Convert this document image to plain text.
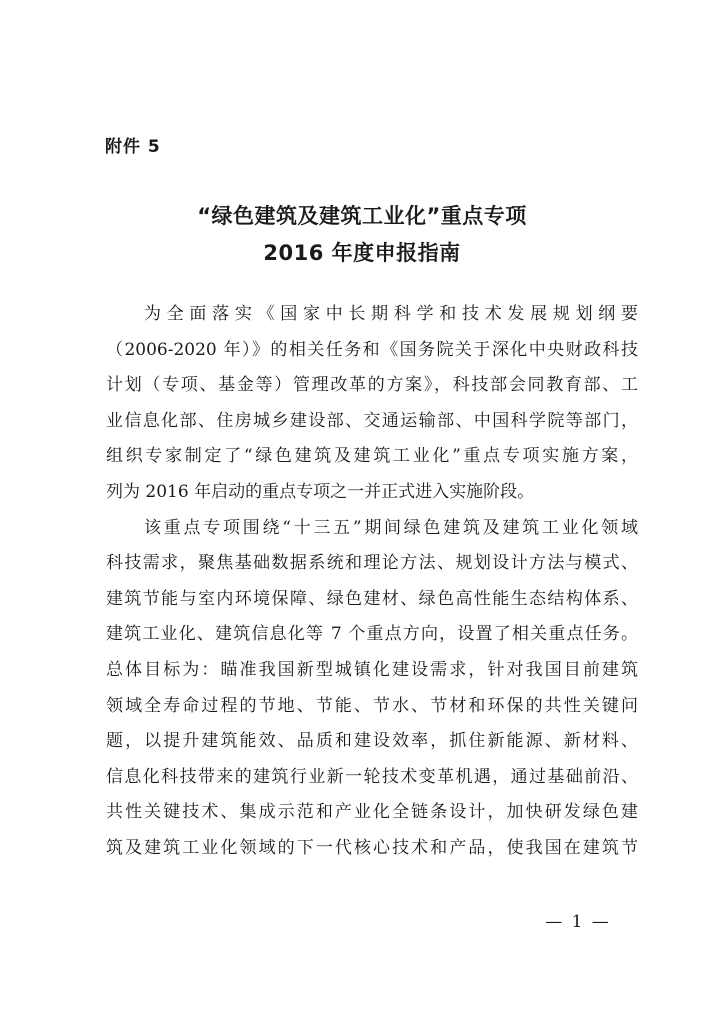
附件 5
“绿色建筑及建筑工业化”重点专项
2016 年度申报指南
为全面落实《国家中长期科学和技术发展规划纲要
（2006-2020 年）》的相关任务和《国务院关于深化中央财政科技
计划（专项、基金等）管理改革的方案》，科技部会同教育部、工
业信息化部、住房城乡建设部、交通运输部、中国科学院等部门，
组织专家制定了“绿色建筑及建筑工业化”重点专项实施方案，
列为 2016 年启动的重点专项之一并正式进入实施阶段。
该重点专项围绕“十三五”期间绿色建筑及建筑工业化领域
科技需求，聚焦基础数据系统和理论方法、规划设计方法与模式、
建筑节能与室内环境保障、绿色建材、绿色高性能生态结构体系、
建筑工业化、建筑信息化等 7 个重点方向，设置了相关重点任务。
总体目标为：瞄准我国新型城镇化建设需求，针对我国目前建筑
领域全寿命过程的节地、节能、节水、节材和环保的共性关键问
题，以提升建筑能效、品质和建设效率，抓住新能源、新材料、
信息化科技带来的建筑行业新一轮技术变革机遇，通过基础前沿、
共性关键技术、集成示范和产业化全链条设计，加快研发绿色建
筑及建筑工业化领域的下一代核心技术和产品，使我国在建筑节
— 1 —
